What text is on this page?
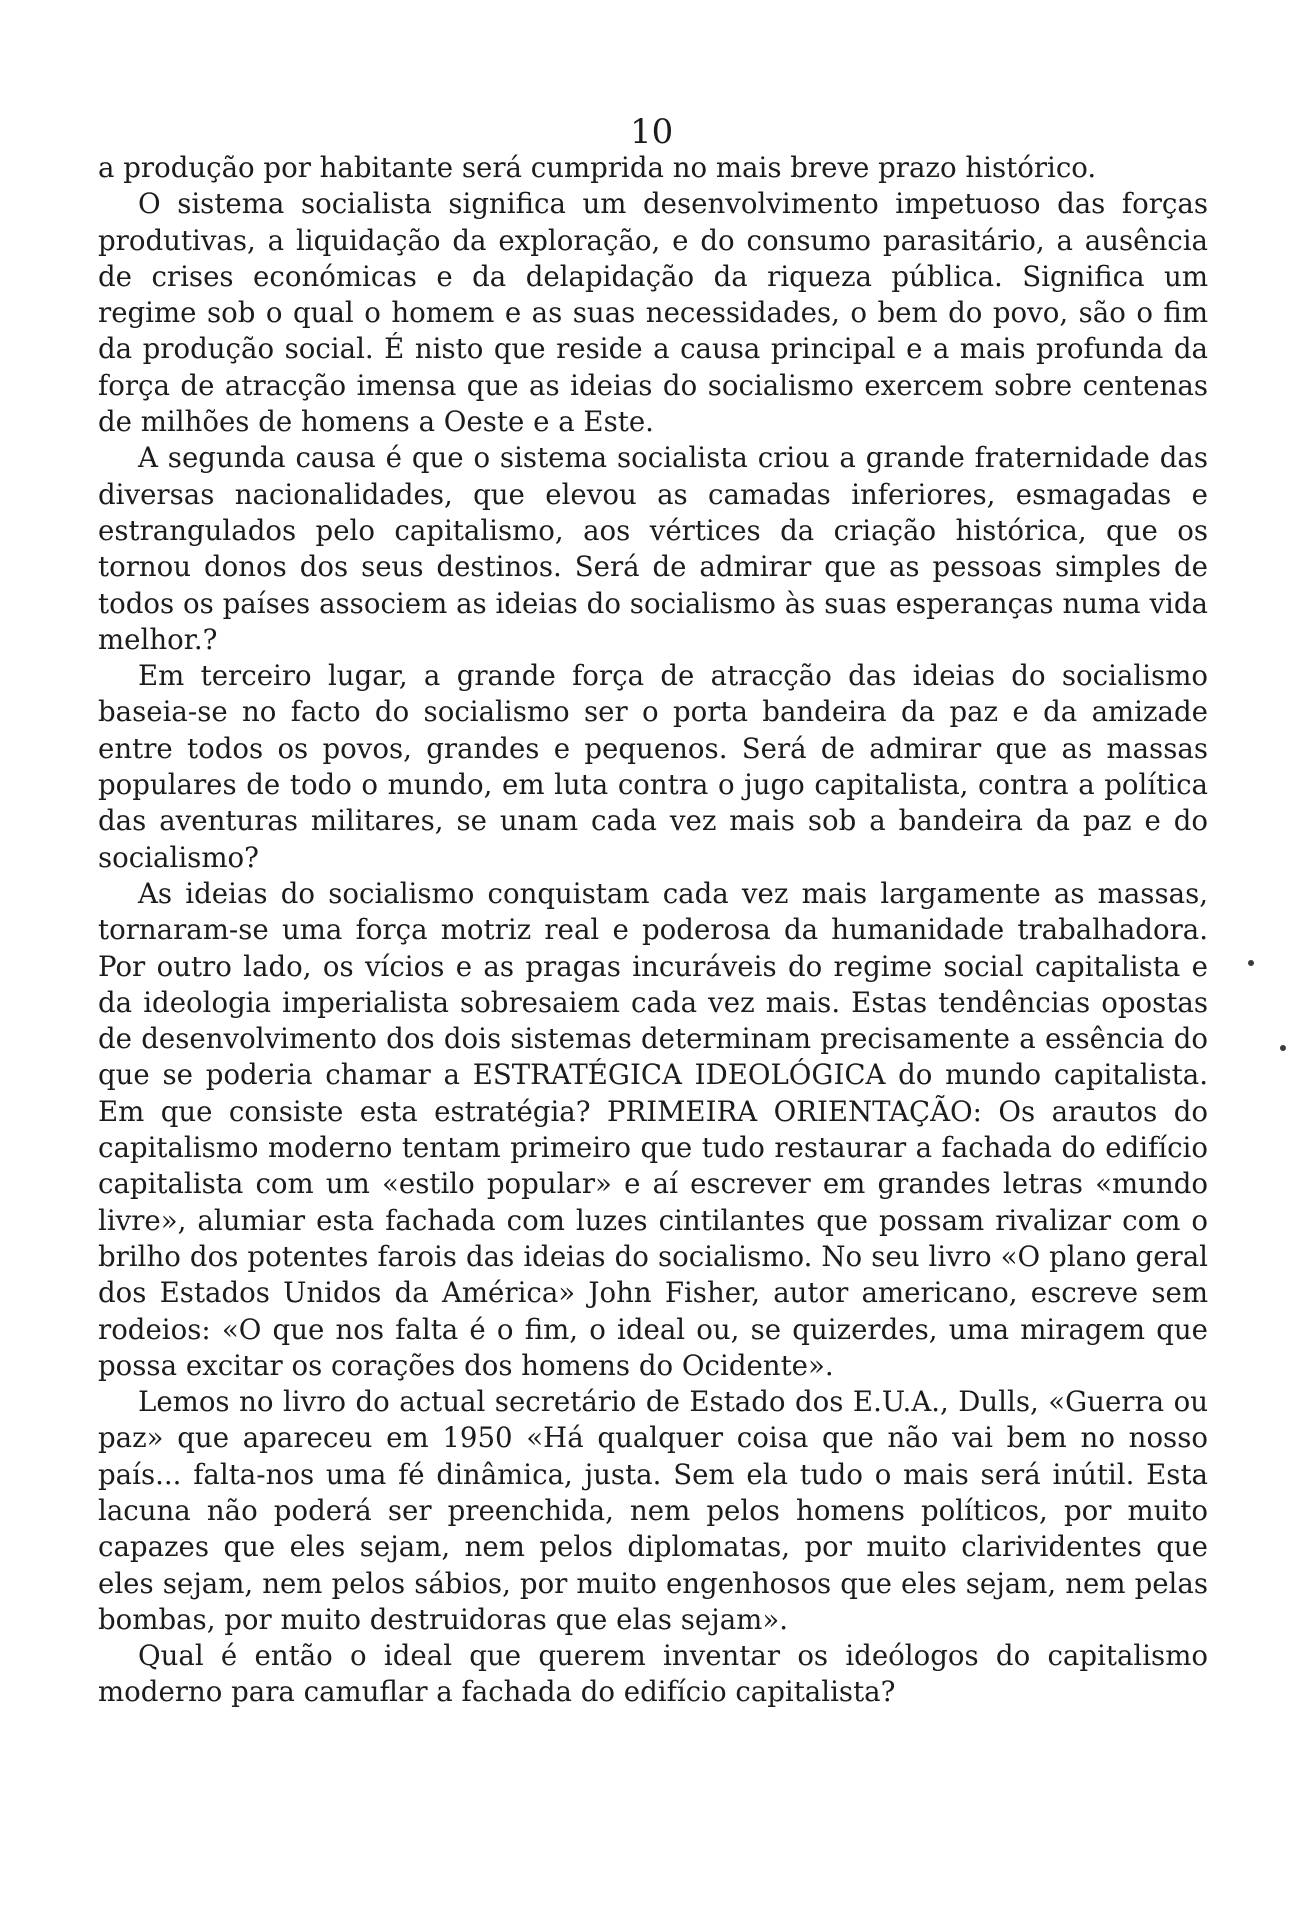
10

a produção por habitante será cumprida no mais breve prazo histórico.

O sistema socialista significa um desenvolvimento impetuoso das forças produtivas, a liquidação da exploração, e do consumo parasitário, a ausência de crises económicas e da delapidação da riqueza pública. Significa um regime sob o qual o homem e as suas necessidades, o bem do povo, são o fim da produção social. É nisto que reside a causa principal e a mais profunda da força de atracção imensa que as ideias do socialismo exercem sobre centenas de milhões de homens a Oeste e a Este.

A segunda causa é que o sistema socialista criou a grande fraternidade das diversas nacionalidades, que elevou as camadas inferiores, esmagadas e estrangulados pelo capitalismo, aos vértices da criação histórica, que os tornou donos dos seus destinos. Será de admirar que as pessoas simples de todos os países associem as ideias do socialismo às suas esperanças numa vida melhor.?

Em terceiro lugar, a grande força de atracção das ideias do socialismo baseia-se no facto do socialismo ser o porta bandeira da paz e da amizade entre todos os povos, grandes e pequenos. Será de admirar que as massas populares de todo o mundo, em luta contra o jugo capitalista, contra a política das aventuras militares, se unam cada vez mais sob a bandeira da paz e do socialismo?

As ideias do socialismo conquistam cada vez mais largamente as massas, tornaram-se uma força motriz real e poderosa da humanidade trabalhadora. Por outro lado, os vícios e as pragas incuráveis do regime social capitalista e da ideologia imperialista sobresaiem cada vez mais. Estas tendências opostas de desenvolvimento dos dois sistemas determinam precisamente a essência do que se poderia chamar a ESTRATÉGICA IDEOLÓGICA do mundo capitalista. Em que consiste esta estratégia? PRIMEIRA ORIENTAÇÃO: Os arautos do capitalismo moderno tentam primeiro que tudo restaurar a fachada do edifício capitalista com um «estilo popular» e aí escrever em grandes letras «mundo livre», alumiar esta fachada com luzes cintilantes que possam rivalizar com o brilho dos potentes farois das ideias do socialismo. No seu livro «O plano geral dos Estados Unidos da América» John Fisher, autor americano, escreve sem rodeios: «O que nos falta é o fim, o ideal ou, se quizerdes, uma miragem que possa excitar os corações dos homens do Ocidente».

Lemos no livro do actual secretário de Estado dos E.U.A., Dulls, «Guerra ou paz» que apareceu em 1950 «Há qualquer coisa que não vai bem no nosso país... falta-nos uma fé dinâmica, justa. Sem ela tudo o mais será inútil. Esta lacuna não poderá ser preenchida, nem pelos homens políticos, por muito capazes que eles sejam, nem pelos diplomatas, por muito clarividentes que eles sejam, nem pelos sábios, por muito engenhosos que eles sejam, nem pelas bombas, por muito destruidoras que elas sejam».

Qual é então o ideal que querem inventar os ideólogos do capitalismo moderno para camuflar a fachada do edifício capitalista?
